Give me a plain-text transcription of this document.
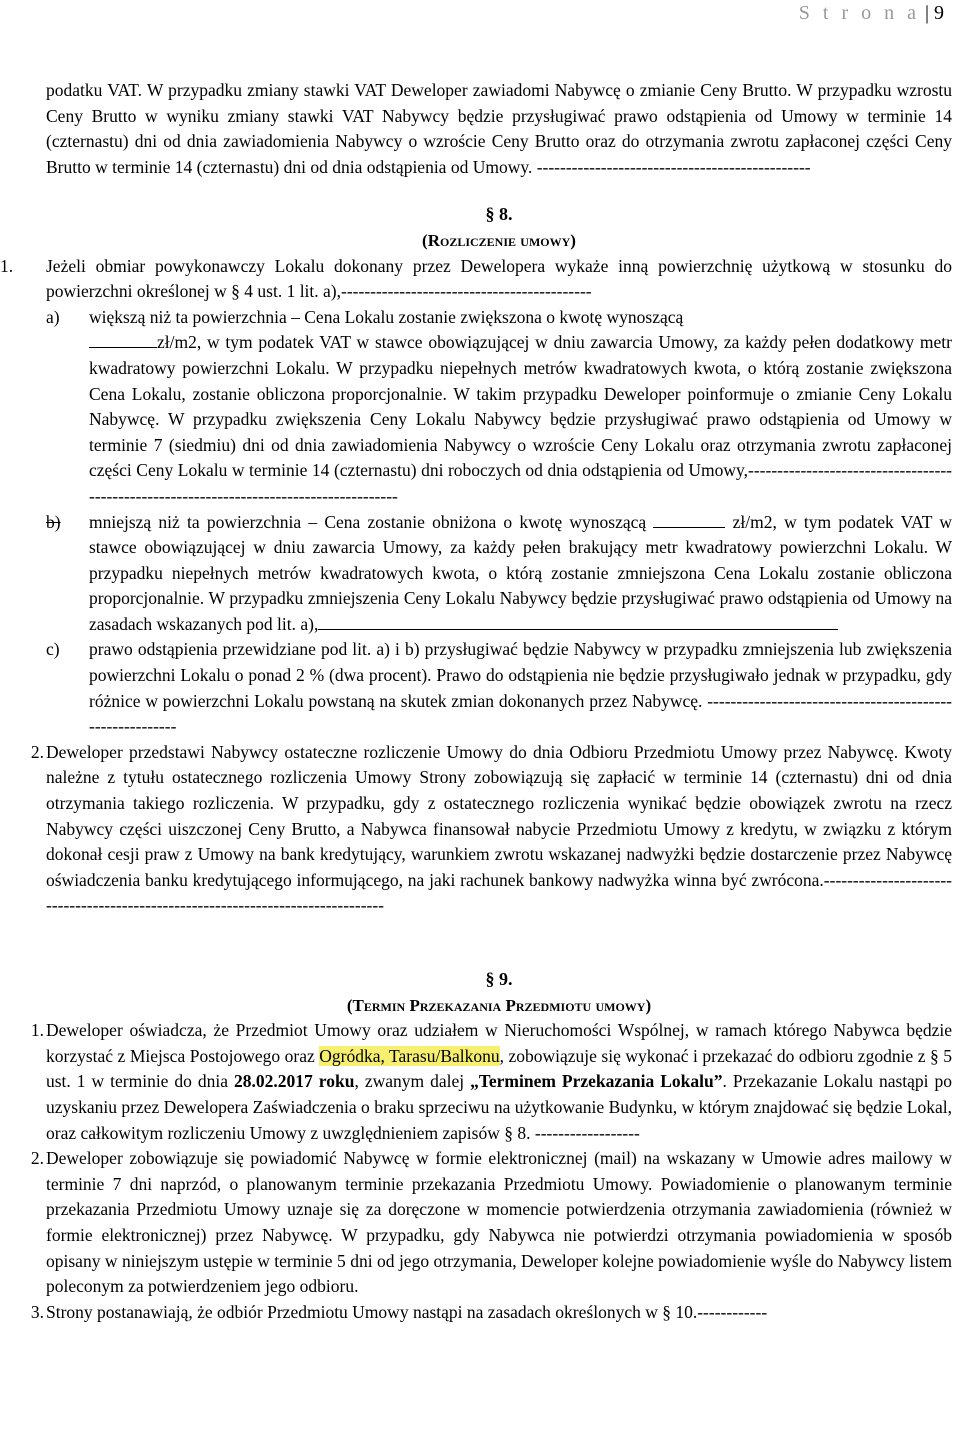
S t r o n a | 9

podatku VAT. W przypadku zmiany stawki VAT Deweloper zawiadomi Nabywcę o zmianie Ceny Brutto. W przypadku wzrostu Ceny Brutto w wyniku zmiany stawki VAT Nabywcy będzie przysługiwać prawo odstąpienia od Umowy w terminie 14 (czternastu) dni od dnia zawiadomienia Nabywcy o wzroście Ceny Brutto oraz do otrzymania zwrotu zapłaconej części Ceny Brutto w terminie 14 (czternastu) dni od dnia odstąpienia od Umowy. -----------------------------------------------

§ 8.

(Rozliczenie umowy)

1.	Jeżeli obmiar powykonawczy Lokalu dokonany przez Dewelopera wykaże inną powierzchnię użytkową w stosunku do powierzchni określonej w § 4 ust. 1 lit. a),-------------------------------------------

a) większą niż ta powierzchnia – Cena Lokalu zostanie zwiększona o kwotę wynoszącą
zł/m2, w tym podatek VAT w stawce obowiązującej w dniu zawarcia Umowy, za każdy pełen dodatkowy metr kwadratowy powierzchni Lokalu. W przypadku niepełnych metrów kwadratowych kwota, o którą zostanie zwiększona Cena Lokalu, zostanie obliczona proporcjonalnie. W takim przypadku Deweloper poinformuje o zmianie Ceny Lokalu Nabywcę. W przypadku zwiększenia Ceny Lokalu Nabywcy będzie przysługiwać prawo odstąpienia od Umowy w terminie 7 (siedmiu) dni od dnia zawiadomienia Nabywcy o wzroście Ceny Lokalu oraz otrzymania zwrotu zapłaconej części Ceny Lokalu w terminie 14 (czternastu) dni roboczych od dnia odstąpienia od Umowy,----------------------------------------------------------------------------------------

b) mniejszą niż ta powierzchnia – Cena zostanie obniżona o kwotę wynoszącą	zł/m2, w tym podatek VAT w stawce obowiązującej w dniu zawarcia Umowy, za każdy pełen brakujący metr kwadratowy powierzchni Lokalu. W przypadku niepełnych metrów kwadratowych kwota, o którą zostanie zmniejszona Cena Lokalu zostanie obliczona proporcjonalnie. W przypadku zmniejszenia Ceny Lokalu Nabywcy będzie przysługiwać prawo odstąpienia od Umowy na zasadach wskazanych pod lit. a),

c) prawo odstąpienia przewidziane pod lit. a) i b) przysługiwać będzie Nabywcy w przypadku zmniejszenia lub zwiększenia powierzchni Lokalu o ponad 2 % (dwa procent). Prawo do odstąpienia nie będzie przysługiwało jednak w przypadku, gdy różnice w powierzchni Lokalu powstaną na skutek zmian dokonanych przez Nabywcę. ---------------------------------------------------------

2. Deweloper przedstawi Nabywcy ostateczne rozliczenie Umowy do dnia Odbioru Przedmiotu Umowy przez Nabywcę. Kwoty należne z tytułu ostatecznego rozliczenia Umowy Strony zobowiązują się zapłacić w terminie 14 (czternastu) dni od dnia otrzymania takiego rozliczenia. W przypadku, gdy z ostatecznego rozliczenia wynikać będzie obowiązek zwrotu na rzecz Nabywcy części uiszczonej Ceny Brutto, a Nabywca finansował nabycie Przedmiotu Umowy z kredytu, w związku z którym dokonał cesji praw z Umowy na bank kredytujący, warunkiem zwrotu wskazanej nadwyżki będzie dostarczenie przez Nabywcę oświadczenia banku kredytującego informującego, na jaki rachunek bankowy nadwyżka winna być zwrócona.--------------------------------------------------------------------------------

§ 9.

(Termin Przekazania Przedmiotu umowy)

1. Deweloper oświadcza, że Przedmiot Umowy oraz udziałem w Nieruchomości Wspólnej, w ramach którego Nabywca będzie korzystać z Miejsca Postojowego oraz Ogródka, Tarasu/Balkonu, zobowiązuje się wykonać i przekazać do odbioru zgodnie z § 5 ust. 1 w terminie do dnia 28.02.2017 roku, zwanym dalej „Terminem Przekazania Lokalu”. Przekazanie Lokalu nastąpi po uzyskaniu przez Dewelopera Zaświadczenia o braku sprzeciwu na użytkowanie Budynku, w którym znajdować się będzie Lokal, oraz całkowitym rozliczeniu Umowy z uwzględnieniem zapisów § 8. ------------------

2. Deweloper zobowiązuje się powiadomić Nabywcę w formie elektronicznej (mail) na wskazany w Umowie adres mailowy w terminie 7 dni naprzód, o planowanym terminie przekazania Przedmiotu Umowy. Powiadomienie o planowanym terminie przekazania Przedmiotu Umowy uznaje się za doręczone w momencie potwierdzenia otrzymania zawiadomienia (również w formie elektronicznej) przez Nabywcę. W przypadku, gdy Nabywca nie potwierdzi otrzymania powiadomienia w sposób opisany w niniejszym ustępie w terminie 5 dni od jego otrzymania, Deweloper kolejne powiadomienie wyśle do Nabywcy listem poleconym za potwierdzeniem jego odbioru.

3. Strony postanawiają, że odbiór Przedmiotu Umowy nastąpi na zasadach określonych w § 10.------------
